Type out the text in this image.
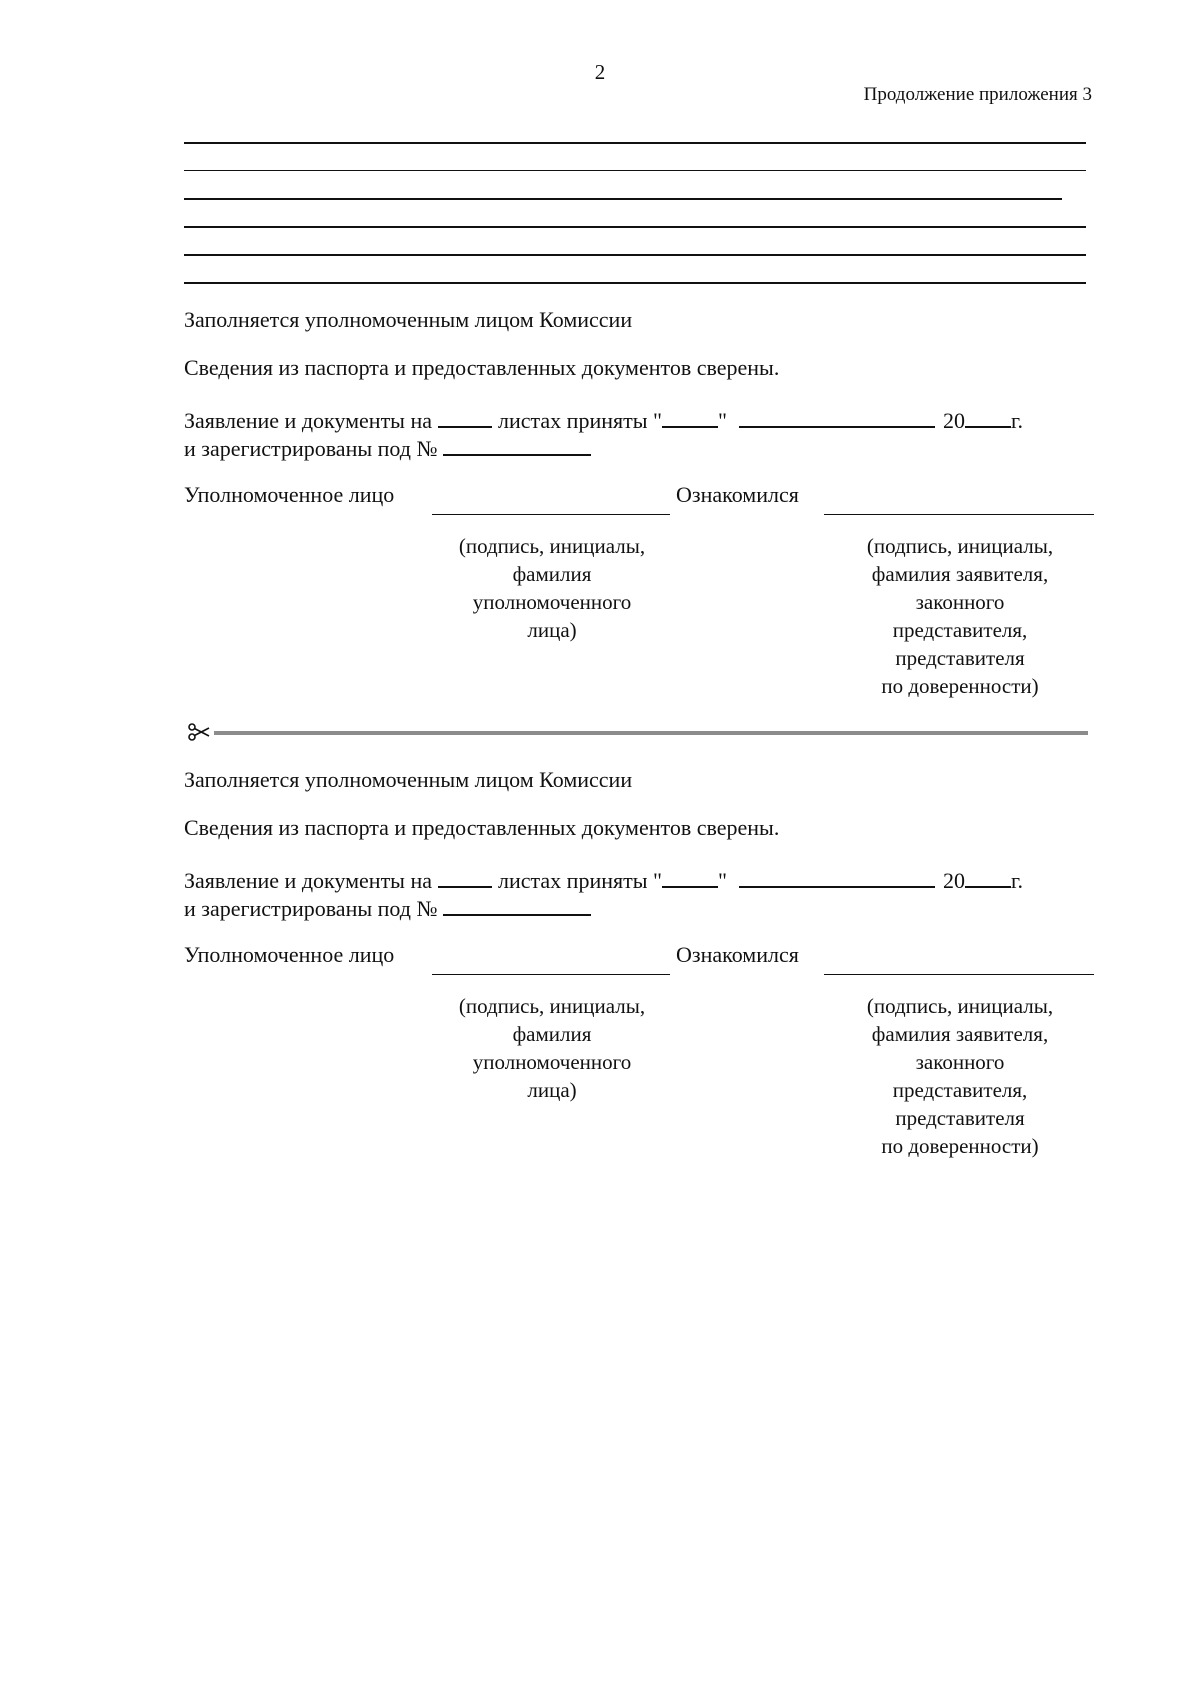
2
Продолжение приложения 3
Заполняется уполномоченным лицом Комиссии
Сведения из паспорта и предоставленных документов сверены.
Заявление и документы на	листах приняты "	"	20 г.
и зарегистрированы под №
Уполномоченное лицо	Ознакомился
(подпись, инициалы,
фамилия
уполномоченного
лица)
(подпись, инициалы,
фамилия заявителя,
законного
представителя,
представителя
по доверенности)
Заполняется уполномоченным лицом Комиссии
Сведения из паспорта и предоставленных документов сверены.
Заявление и документы на	листах приняты "	"	20 г.
и зарегистрированы под №
Уполномоченное лицо	Ознакомился
(подпись, инициалы,
фамилия
уполномоченного
лица)
(подпись, инициалы,
фамилия заявителя,
законного
представителя,
представителя
по доверенности)
